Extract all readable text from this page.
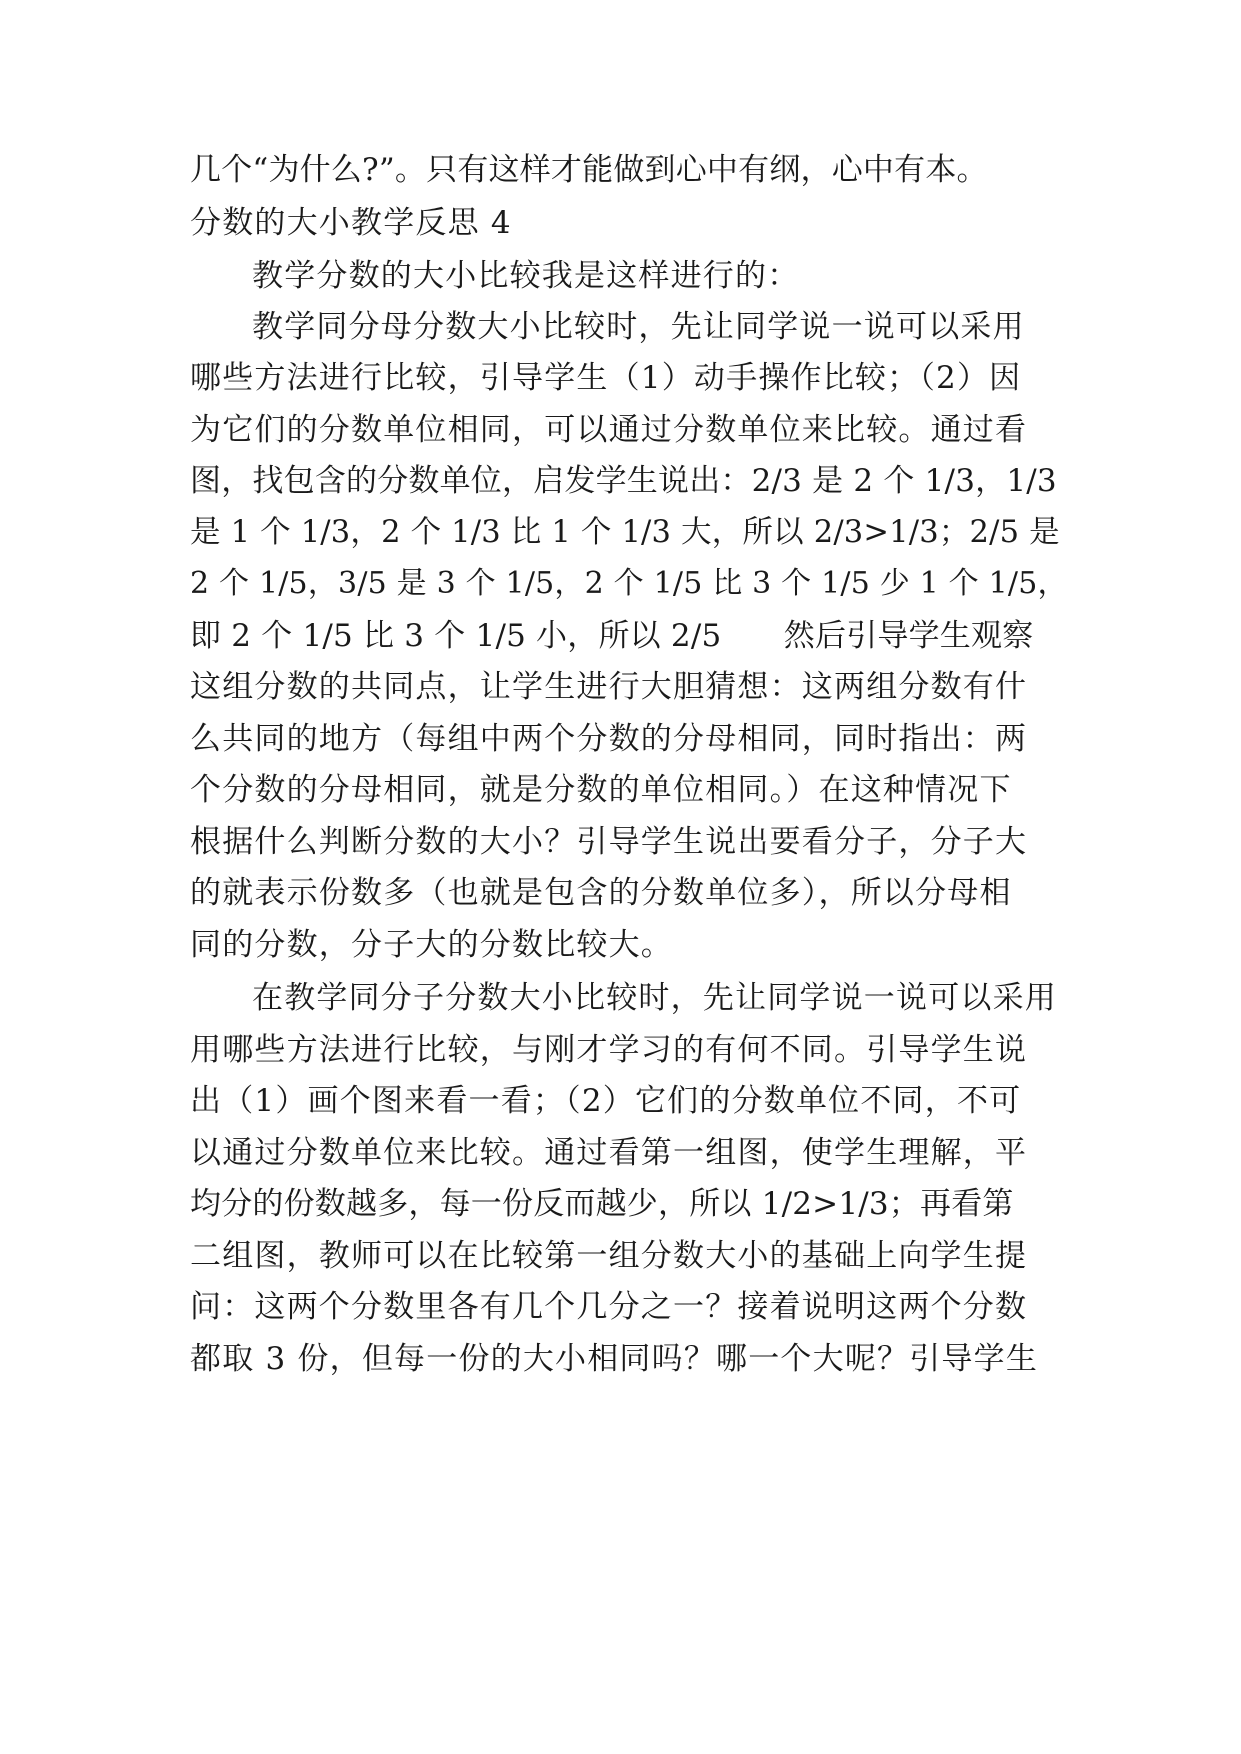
几个“为什么?”。只有这样才能做到心中有纲，心中有本。
分数的大小教学反思 4
教学分数的大小比较我是这样进行的：
教学同分母分数大小比较时，先让同学说一说可以采用
哪些方法进行比较，引导学生（1）动手操作比较；（2）因
为它们的分数单位相同，可以通过分数单位来比较。通过看
图，找包含的分数单位，启发学生说出：2/3 是 2 个 1/3，1/3
是 1 个 1/3，2 个 1/3 比 1 个 1/3 大，所以 2/3>1/3；2/5 是
2 个 1/5，3/5 是 3 个 1/5，2 个 1/5 比 3 个 1/5 少 1 个 1/5，
即 2 个 1/5 比 3 个 1/5 小，所以 2/5　　然后引导学生观察
这组分数的共同点，让学生进行大胆猜想：这两组分数有什
么共同的地方（每组中两个分数的分母相同，同时指出：两
个分数的分母相同，就是分数的单位相同。）在这种情况下
根据什么判断分数的大小？引导学生说出要看分子，分子大
的就表示份数多（也就是包含的分数单位多），所以分母相
同的分数，分子大的分数比较大。
在教学同分子分数大小比较时，先让同学说一说可以采用
用哪些方法进行比较，与刚才学习的有何不同。引导学生说
出（1）画个图来看一看；（2）它们的分数单位不同，不可
以通过分数单位来比较。通过看第一组图，使学生理解，平
均分的份数越多，每一份反而越少，所以 1/2>1/3；再看第
二组图，教师可以在比较第一组分数大小的基础上向学生提
问：这两个分数里各有几个几分之一？接着说明这两个分数
都取 3 份，但每一份的大小相同吗？哪一个大呢？引导学生
